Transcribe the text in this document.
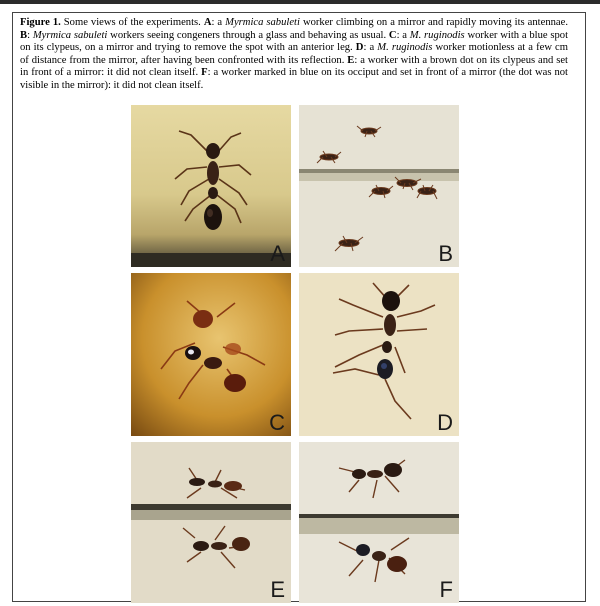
Figure 1. Some views of the experiments. A: a Myrmica sabuleti worker climbing on a mirror and rapidly moving its antennae. B: Myrmica sabuleti workers seeing congeners through a glass and behaving as usual. C: a M. ruginodis worker with a blue spot on its clypeus, on a mirror and trying to remove the spot with an anterior leg. D: a M. ruginodis worker motionless at a few cm of distance from the mirror, after having been confronted with its reflection. E: a worker with a brown dot on its clypeus and set in front of a mirror: it did not clean itself. F: a worker marked in blue on its occiput and set in front of a mirror (the dot was not visible in the mirror): it did not clean itself.
A	B
C	D
E	F
